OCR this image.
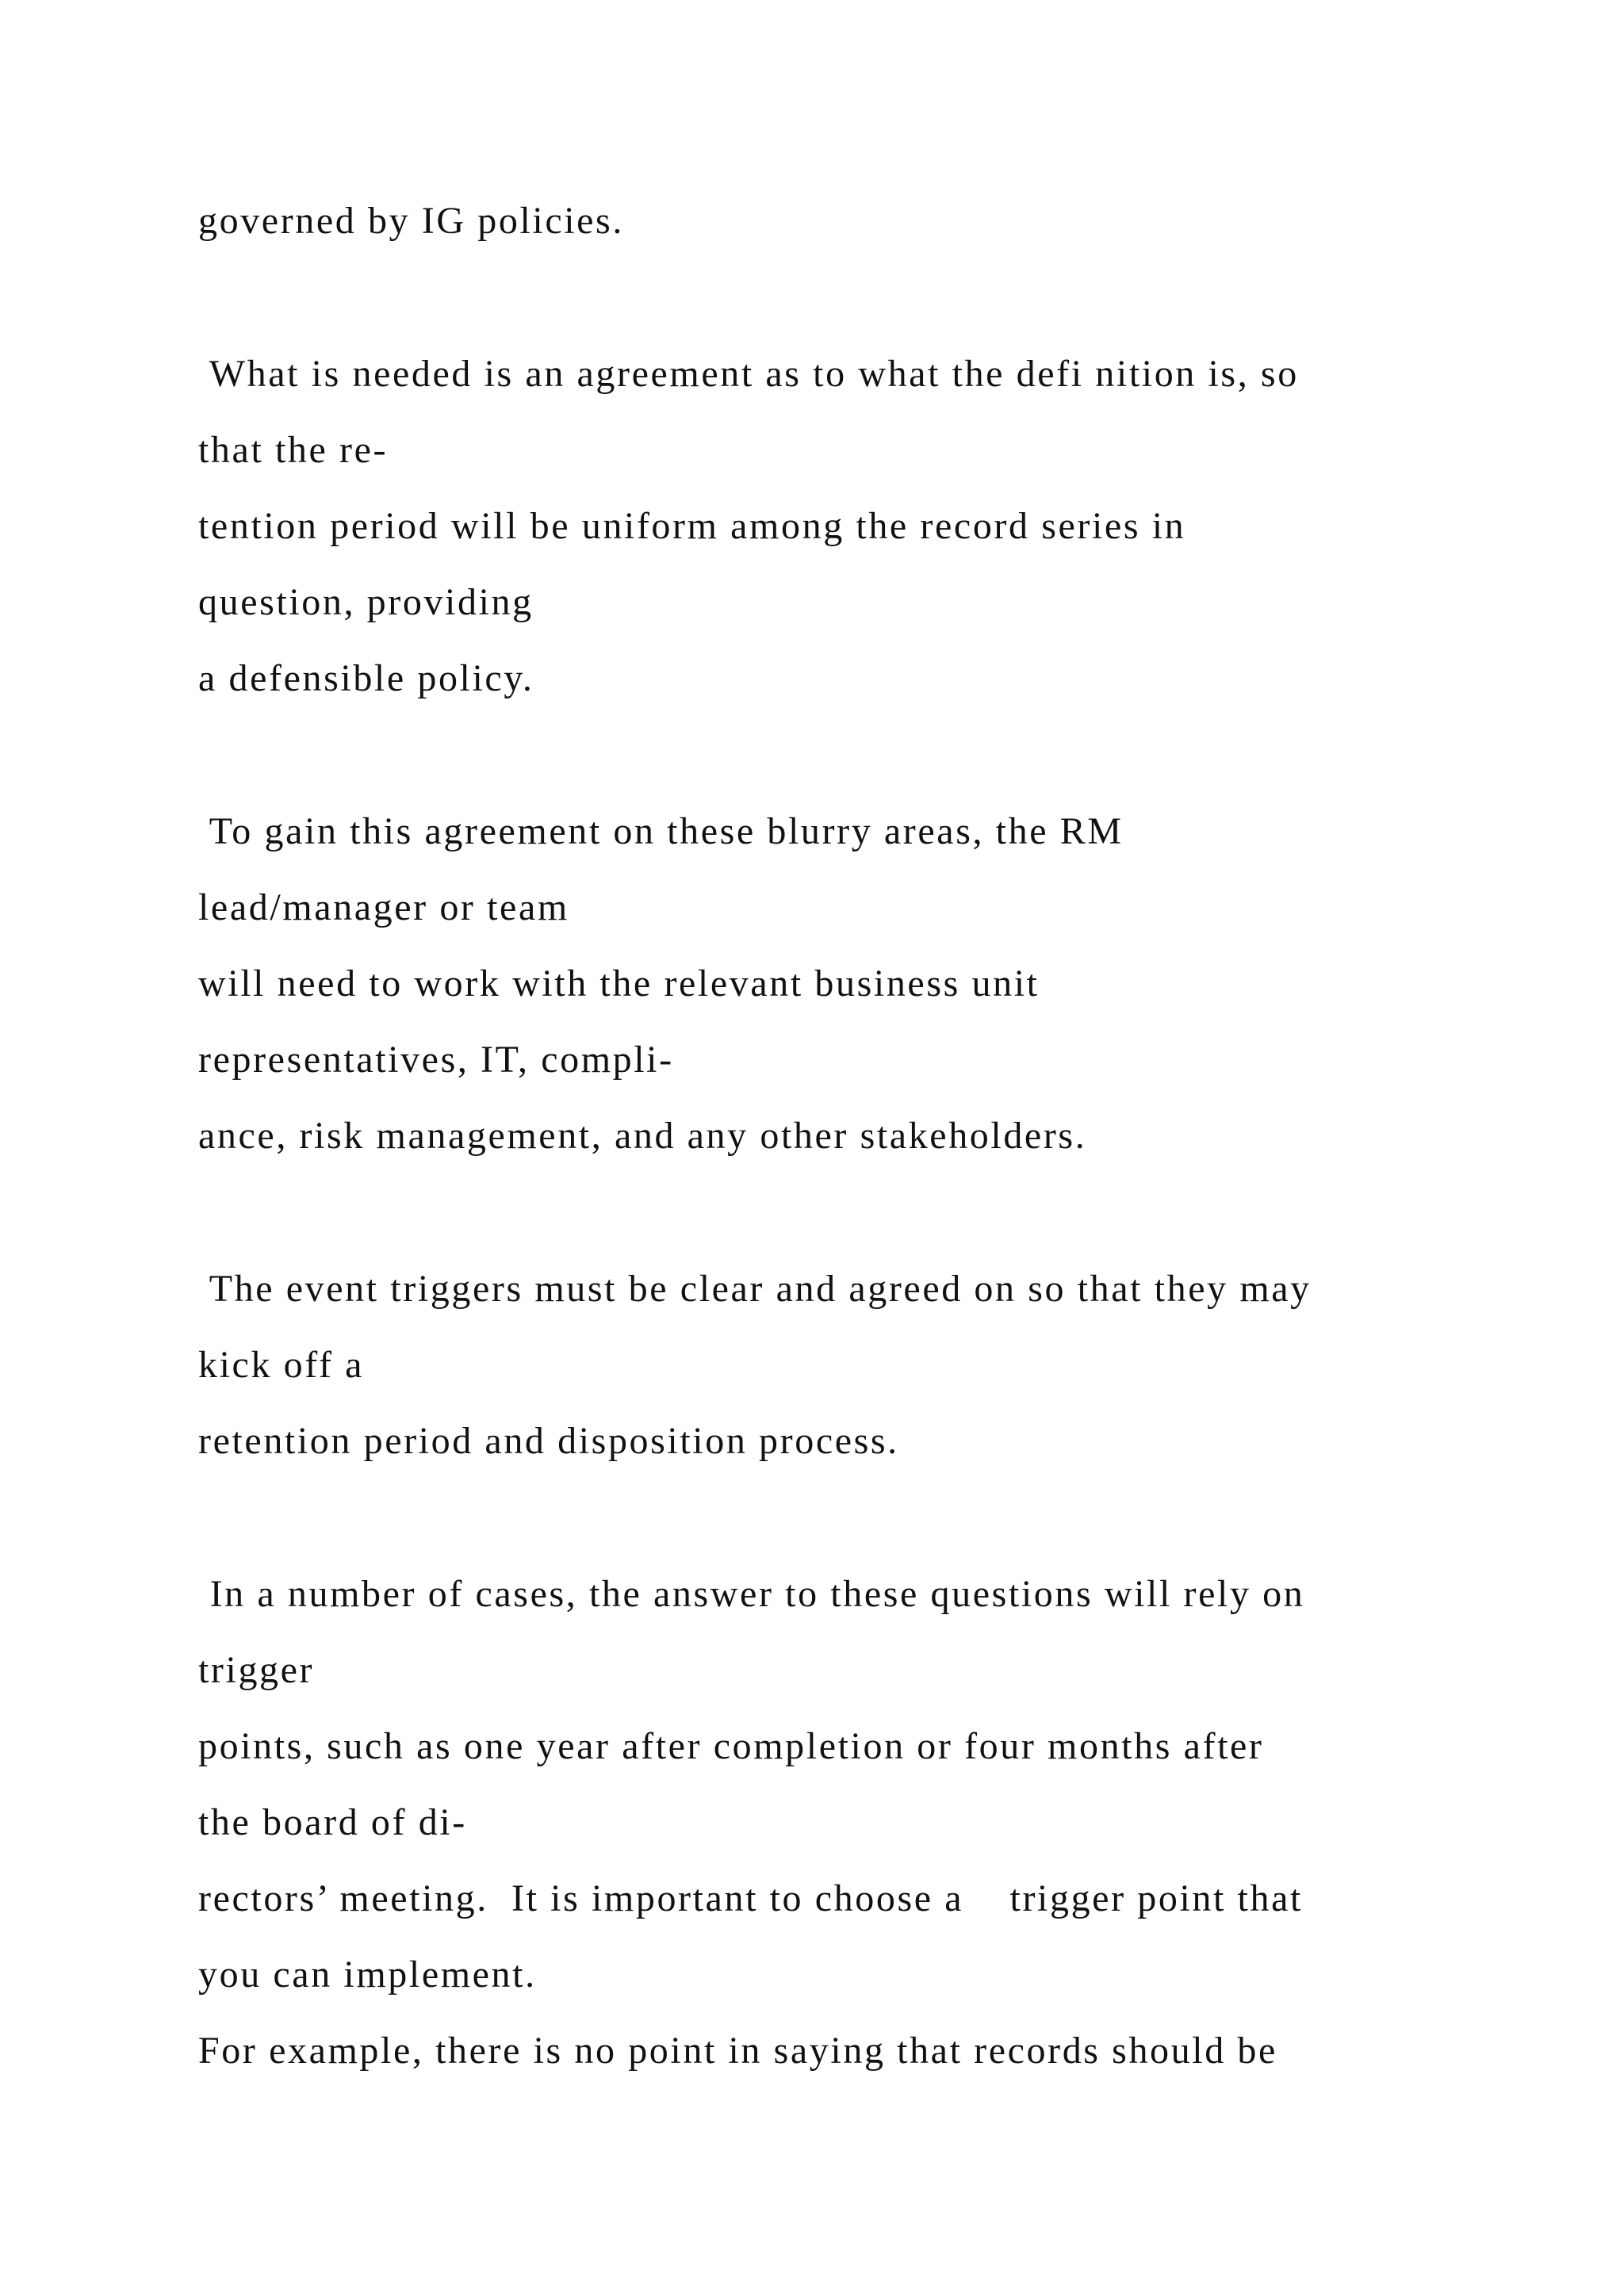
governed by IG policies.
What is needed is an agreement as to what the defi nition is, so
that the re-
tention period will be uniform among the record series in
question, providing
a defensible policy.
To gain this agreement on these blurry areas, the RM
lead/manager or team
will need to work with the relevant business unit
representatives, IT, compli-
ance, risk management, and any other stakeholders.
The event triggers must be clear and agreed on so that they may
kick off a
retention period and disposition process.
In a number of cases, the answer to these questions will rely on
trigger
points, such as one year after completion or four months after
the board of di-
rectors’ meeting.  It is important to choose a    trigger point that
you can implement.
For example, there is no point in saying that records should be
